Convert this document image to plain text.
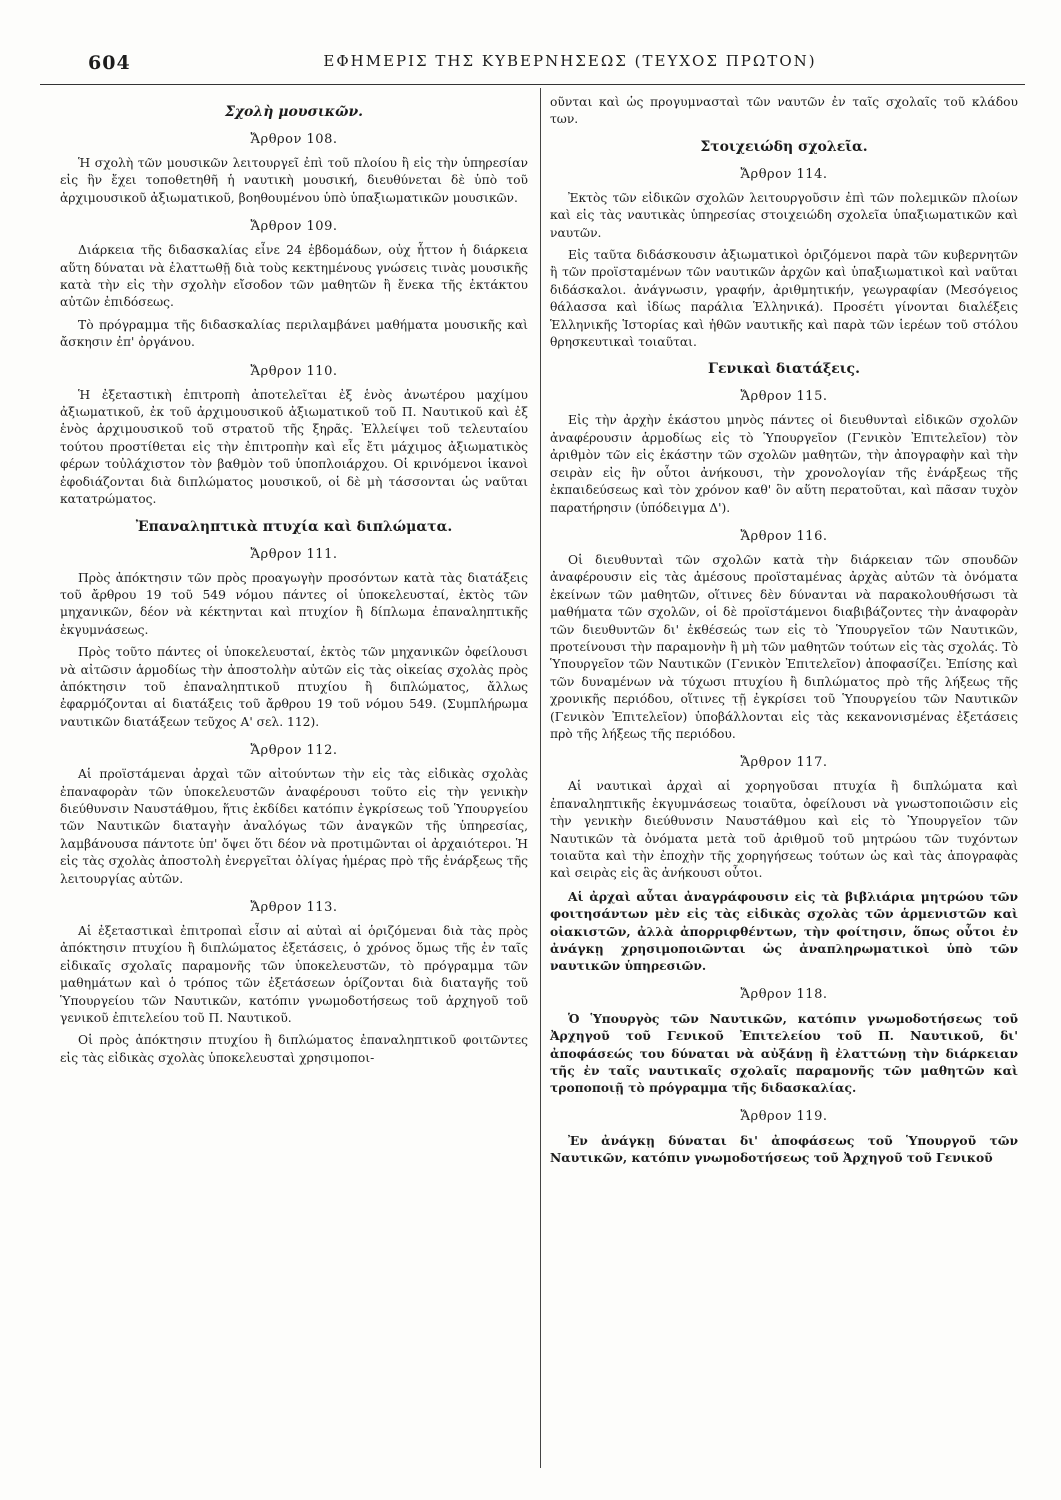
604	ΕΦΗΜΕΡΙΣ ΤΗΣ ΚΥΒΕΡΝΗΣΕΩΣ (ΤΕΥΧΟΣ ΠΡΩΤΟΝ)
Σχολὴ μουσικῶν.
Ἄρθρον 108.

Ἡ σχολὴ τῶν μουσικῶν λειτουργεῖ ἐπὶ τοῦ πλοίου ἢ εἰς τὴν ὑπηρεσίαν εἰς ἣν ἔχει τοποθετηθῆ ἡ ναυτικὴ μουσική, διευθύνεται δὲ ὑπὸ τοῦ ἀρχιμουσικοῦ ἀξιωματικοῦ, βοηθουμένου ὑπὸ ὑπαξιωματικῶν μουσικῶν.

Ἄρθρον 109.

Διάρκεια τῆς διδασκαλίας εἶνε 24 ἑβδομάδων, οὐχ ἧττον ἡ διάρκεια αὕτη δύναται νὰ ἐλαττωθῇ διὰ τοὺς κεκτημένους γνώσεις τινὰς μουσικῆς κατὰ τὴν εἰς τὴν σχολὴν εἴσοδον τῶν μαθητῶν ἢ ἕνεκα τῆς ἐκτάκτου αὐτῶν ἐπιδόσεως.

Τὸ πρόγραμμα τῆς διδασκαλίας περιλαμβάνει μαθήματα μουσικῆς καὶ ἄσκησιν ἐπ' ὀργάνου.

Ἄρθρον 110.

Ἡ ἐξεταστικὴ ἐπιτροπὴ ἀποτελεῖται ἐξ ἑνὸς ἀνωτέρου μαχίμου ἀξιωματικοῦ, ἐκ τοῦ ἀρχιμουσικοῦ ἀξιωματικοῦ τοῦ Π. Ναυτικοῦ καὶ ἐξ ἑνὸς ἀρχιμουσικοῦ τοῦ στρατοῦ τῆς ξηρᾶς. Ἐλλείψει τοῦ τελευταίου τούτου προστίθεται εἰς τὴν ἐπιτροπὴν καὶ εἷς ἔτι μάχιμος ἀξιωματικὸς φέρων τοὐλάχιστον τὸν βαθμὸν τοῦ ὑποπλοιάρχου. Οἱ κρινόμενοι ἱκανοὶ ἐφοδιάζονται διὰ διπλώματος μουσικοῦ, οἱ δὲ μὴ τάσσονται ὡς ναῦται κατατρώματος.

Ἐπαναληπτικὰ πτυχία καὶ διπλώματα.
Ἄρθρον 111.

Πρὸς ἀπόκτησιν τῶν πρὸς προαγωγὴν προσόντων κατὰ τὰς διατάξεις τοῦ ἄρθρου 19 τοῦ 549 νόμου πάντες οἱ ὑποκελευσταί, ἐκτὸς τῶν μηχανικῶν, δέον νὰ κέκτηνται καὶ πτυχίον ἢ δίπλωμα ἐπαναληπτικῆς ἐκγυμνάσεως.

Πρὸς τοῦτο πάντες οἱ ὑποκελευσταί, ἐκτὸς τῶν μηχανικῶν ὀφείλουσι νὰ αἰτῶσιν ἁρμοδίως τὴν ἀποστολὴν αὐτῶν εἰς τὰς οἰκείας σχολὰς πρὸς ἀπόκτησιν τοῦ ἐπαναληπτικοῦ πτυχίου ἢ διπλώματος, ἄλλως ἐφαρμόζονται αἱ διατάξεις τοῦ ἄρθρου 19 τοῦ νόμου 549. (Συμπλήρωμα ναυτικῶν διατάξεων τεῦχος Α' σελ. 112).

Ἄρθρον 112.

Αἱ προϊστάμεναι ἀρχαὶ τῶν αἰτούντων τὴν εἰς τὰς εἰδικὰς σχολὰς ἐπαναφορὰν τῶν ὑποκελευστῶν ἀναφέρουσι τοῦτο εἰς τὴν γενικὴν διεύθυνσιν Ναυστάθμου, ἥτις ἐκδίδει κατόπιν ἐγκρίσεως τοῦ Ὑπουργείου τῶν Ναυτικῶν διαταγὴν ἀναλόγως τῶν ἀναγκῶν τῆς ὑπηρεσίας, λαμβάνουσα πάντοτε ὑπ' ὄψει ὅτι δέον νὰ προτιμῶνται οἱ ἀρχαιότεροι. Ἡ εἰς τὰς σχολὰς ἀποστολὴ ἐνεργεῖται ὀλίγας ἡμέρας πρὸ τῆς ἐνάρξεως τῆς λειτουργίας αὐτῶν.

Ἄρθρον 113.

Αἱ ἐξεταστικαὶ ἐπιτροπαὶ εἶσιν αἱ αὐταὶ αἱ ὁριζόμεναι διὰ τὰς πρὸς ἀπόκτησιν πτυχίου ἢ διπλώματος ἐξετάσεις, ὁ χρόνος ὅμως τῆς ἐν ταῖς εἰδικαῖς σχολαῖς παραμονῆς τῶν ὑποκελευστῶν, τὸ πρόγραμμα τῶν μαθημάτων καὶ ὁ τρόπος τῶν ἐξετάσεων ὁρίζονται διὰ διαταγῆς τοῦ Ὑπουργείου τῶν Ναυτικῶν, κατόπιν γνωμοδοτήσεως τοῦ ἀρχηγοῦ τοῦ γενικοῦ ἐπιτελείου τοῦ Π. Ναυτικοῦ.

Οἱ πρὸς ἀπόκτησιν πτυχίου ἢ διπλώματος ἐπαναληπτικοῦ φοιτῶντες εἰς τὰς εἰδικὰς σχολὰς ὑποκελευσταὶ χρησιμοποι-

οῦνται καὶ ὡς προγυμνασταὶ τῶν ναυτῶν ἐν ταῖς σχολαῖς τοῦ κλάδου των.

Στοιχειώδη σχολεῖα.
Ἄρθρον 114.

Ἐκτὸς τῶν εἰδικῶν σχολῶν λειτουργοῦσιν ἐπὶ τῶν πολεμικῶν πλοίων καὶ εἰς τὰς ναυτικὰς ὑπηρεσίας στοιχειώδη σχολεῖα ὑπαξιωματικῶν καὶ ναυτῶν.

Εἰς ταῦτα διδάσκουσιν ἀξιωματικοὶ ὁριζόμενοι παρὰ τῶν κυβερνητῶν ἢ τῶν προϊσταμένων τῶν ναυτικῶν ἀρχῶν καὶ ὑπαξιωματικοὶ καὶ ναῦται διδάσκαλοι. ἀνάγνωσιν, γραφήν, ἀριθμητικήν, γεωγραφίαν (Μεσόγειος θάλασσα καὶ ἰδίως παράλια Ἑλληνικά). Προσέτι γίνονται διαλέξεις Ἑλληνικῆς Ἱστορίας καὶ ἠθῶν ναυτικῆς καὶ παρὰ τῶν ἱερέων τοῦ στόλου θρησκευτικαὶ τοιαῦται.

Γενικαὶ διατάξεις.
Ἄρθρον 115.

Εἰς τὴν ἀρχὴν ἑκάστου μηνὸς πάντες οἱ διευθυνταὶ εἰδικῶν σχολῶν ἀναφέρουσιν ἁρμοδίως εἰς τὸ Ὑπουργεῖον (Γενικὸν Ἐπιτελεῖον) τὸν ἀριθμὸν τῶν εἰς ἑκάστην τῶν σχολῶν μαθητῶν, τὴν ἀπογραφὴν καὶ τὴν σειρὰν εἰς ἣν οὗτοι ἀνήκουσι, τὴν χρονολογίαν τῆς ἐνάρξεως τῆς ἐκπαιδεύσεως καὶ τὸν χρόνον καθ' ὃν αὕτη περατοῦται, καὶ πᾶσαν τυχὸν παρατήρησιν (ὑπόδειγμα Δ').

Ἄρθρον 116.

Οἱ διευθυνταὶ τῶν σχολῶν κατὰ τὴν διάρκειαν τῶν σπουδῶν ἀναφέρουσιν εἰς τὰς ἀμέσους προϊσταμένας ἀρχὰς αὐτῶν τὰ ὀνόματα ἐκείνων τῶν μαθητῶν, οἵτινες δὲν δύνανται νὰ παρακολουθήσωσι τὰ μαθήματα τῶν σχολῶν, οἱ δὲ προϊστάμενοι διαβιβάζοντες τὴν ἀναφορὰν τῶν διευθυντῶν δι' ἐκθέσεώς των εἰς τὸ Ὑπουργεῖον τῶν Ναυτικῶν, προτείνουσι τὴν παραμονὴν ἢ μὴ τῶν μαθητῶν τούτων εἰς τὰς σχολάς. Τὸ Ὑπουργεῖον τῶν Ναυτικῶν (Γενικὸν Ἐπιτελεῖον) ἀποφασίζει. Ἐπίσης καὶ τῶν δυναμένων νὰ τύχωσι πτυχίου ἢ διπλώματος πρὸ τῆς λήξεως τῆς χρονικῆς περιόδου, οἵτινες τῇ ἐγκρίσει τοῦ Ὑπουργείου τῶν Ναυτικῶν (Γενικὸν Ἐπιτελεῖον) ὑποβάλλονται εἰς τὰς κεκανονισμένας ἐξετάσεις πρὸ τῆς λήξεως τῆς περιόδου.

Ἄρθρον 117.

Αἱ ναυτικαὶ ἀρχαὶ αἱ χορηγοῦσαι πτυχία ἢ διπλώματα καὶ ἐπαναληπτικῆς ἐκγυμνάσεως τοιαῦτα, ὀφείλουσι νὰ γνωστοποιῶσιν εἰς τὴν γενικὴν διεύθυνσιν Ναυστάθμου καὶ εἰς τὸ Ὑπουργεῖον τῶν Ναυτικῶν τὰ ὀνόματα μετὰ τοῦ ἀριθμοῦ τοῦ μητρώου τῶν τυχόντων τοιαῦτα καὶ τὴν ἐποχὴν τῆς χορηγήσεως τούτων ὡς καὶ τὰς ἀπογραφὰς καὶ σειρὰς εἰς ἃς ἀνήκουσι οὗτοι.

Αἱ ἀρχαὶ αὗται ἀναγράφουσιν εἰς τὰ βιβλιάρια μητρώου τῶν φοιτησάντων μὲν εἰς τὰς εἰδικὰς σχολὰς τῶν ἁρμενιστῶν καὶ οἰακιστῶν, ἀλλὰ ἀπορριφθέντων, τὴν φοίτησιν, ὅπως οὗτοι ἐν ἀνάγκῃ χρησιμοποιῶνται ὡς ἀναπληρωματικοὶ ὑπὸ τῶν ναυτικῶν ὑπηρεσιῶν.

Ἄρθρον 118.

Ὁ Ὑπουργὸς τῶν Ναυτικῶν, κατόπιν γνωμοδοτήσεως τοῦ Ἀρχηγοῦ τοῦ Γενικοῦ Ἐπιτελείου τοῦ Π. Ναυτικοῦ, δι' ἀποφάσεώς του δύναται νὰ αὐξάνῃ ἢ ἐλαττώνῃ τὴν διάρκειαν τῆς ἐν ταῖς ναυτικαῖς σχολαῖς παραμονῆς τῶν μαθητῶν καὶ τροποποιῇ τὸ πρόγραμμα τῆς διδασκαλίας.

Ἄρθρον 119.

Ἐν ἀνάγκῃ δύναται δι' ἀποφάσεως τοῦ Ὑπουργοῦ τῶν Ναυτικῶν, κατόπιν γνωμοδοτήσεως τοῦ Ἀρχηγοῦ τοῦ Γενικοῦ
